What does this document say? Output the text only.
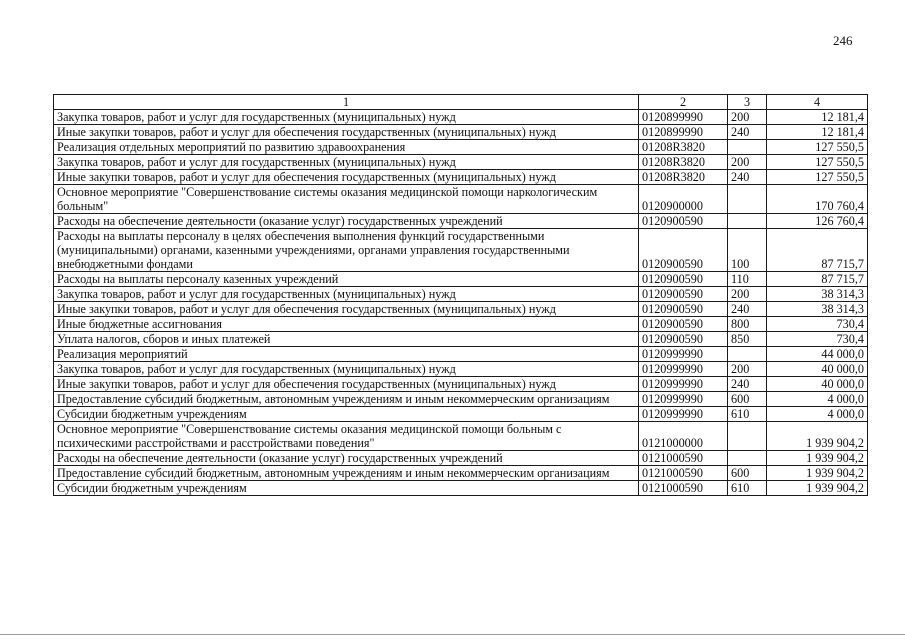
246
1	2	3	4
Закупка товаров, работ и услуг для государственных (муниципальных) нужд	0120899990	200	12 181,4
Иные закупки товаров, работ и услуг для обеспечения государственных (муниципальных) нужд	0120899990	240	12 181,4
Реализация отдельных мероприятий по развитию здравоохранения	01208R3820		127 550,5
Закупка товаров, работ и услуг для государственных (муниципальных) нужд	01208R3820	200	127 550,5
Иные закупки товаров, работ и услуг для обеспечения государственных (муниципальных) нужд	01208R3820	240	127 550,5
Основное мероприятие "Совершенствование системы оказания медицинской помощи наркологическим больным"	0120900000		170 760,4
Расходы на обеспечение деятельности (оказание услуг) государственных учреждений	0120900590		126 760,4
Расходы на выплаты персоналу в целях обеспечения выполнения функций государственными (муниципальными) органами, казенными учреждениями, органами управления государственными внебюджетными фондами	0120900590	100	87 715,7
Расходы на выплаты персоналу казенных учреждений	0120900590	110	87 715,7
Закупка товаров, работ и услуг для государственных (муниципальных) нужд	0120900590	200	38 314,3
Иные закупки товаров, работ и услуг для обеспечения государственных (муниципальных) нужд	0120900590	240	38 314,3
Иные бюджетные ассигнования	0120900590	800	730,4
Уплата налогов, сборов и иных платежей	0120900590	850	730,4
Реализация мероприятий	0120999990		44 000,0
Закупка товаров, работ и услуг для государственных (муниципальных) нужд	0120999990	200	40 000,0
Иные закупки товаров, работ и услуг для обеспечения государственных (муниципальных) нужд	0120999990	240	40 000,0
Предоставление субсидий бюджетным, автономным учреждениям и иным некоммерческим организациям	0120999990	600	4 000,0
Субсидии бюджетным учреждениям	0120999990	610	4 000,0
Основное мероприятие "Совершенствование системы оказания медицинской помощи больным с психическими расстройствами и расстройствами поведения"	0121000000		1 939 904,2
Расходы на обеспечение деятельности (оказание услуг) государственных учреждений	0121000590		1 939 904,2
Предоставление субсидий бюджетным, автономным учреждениям и иным некоммерческим организациям	0121000590	600	1 939 904,2
Субсидии бюджетным учреждениям	0121000590	610	1 939 904,2
